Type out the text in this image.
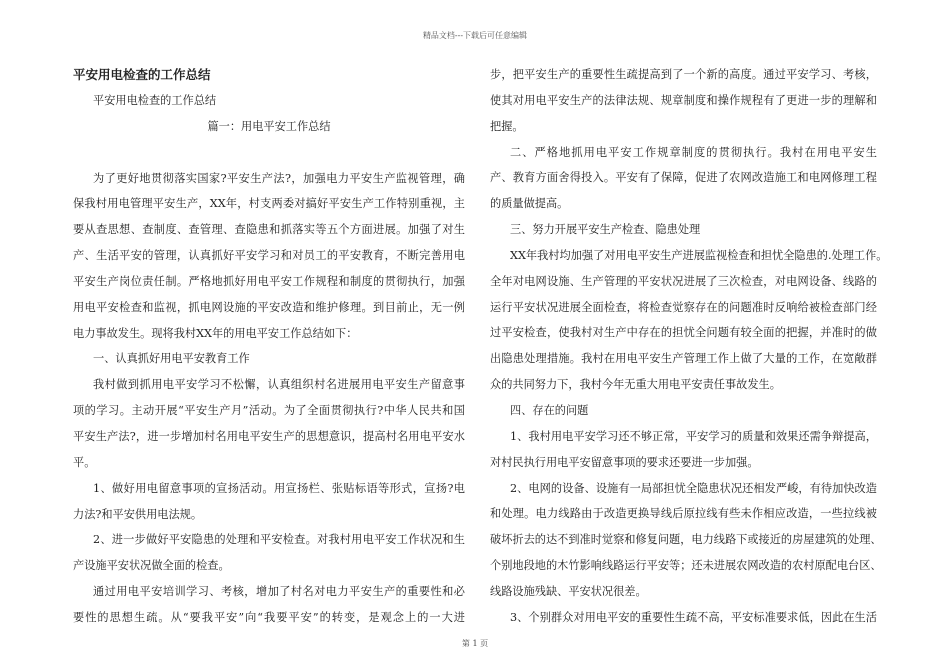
精品文档---下载后可任意编辑
平安用电检查的工作总结
平安用电检查的工作总结
篇一：用电平安工作总结
为了更好地贯彻落实国家?平安生产法?，加强电力平安生产监视管理，确
保我村用电管理平安生产，XX年，村支两委对搞好平安生产工作特别重视，主
要从查思想、查制度、查管理、查隐患和抓落实等五个方面进展。加强了对生
产、生活平安的管理，认真抓好平安学习和对员工的平安教育，不断完善用电
平安生产岗位责任制。严格地抓好用电平安工作规程和制度的贯彻执行，加强
用电平安检查和监视，抓电网设施的平安改造和维护修理。到目前止，无一例
电力事故发生。现将我村XX年的用电平安工作总结如下：
一、认真抓好用电平安教育工作
我村做到抓用电平安学习不松懈，认真组织村名进展用电平安生产留意事
项的学习。主动开展“平安生产月”活动。为了全面贯彻执行?中华人民共和国
平安生产法?，进一步增加村名用电平安生产的思想意识，提高村名用电平安水
平。
1、做好用电留意事项的宣扬活动。用宣扬栏、张贴标语等形式，宣扬?电
力法?和平安供用电法规。
2、进一步做好平安隐患的处理和平安检查。对我村用电平安工作状况和生
产设施平安状况做全面的检查。
通过用电平安培训学习、考核，增加了村名对电力平安生产的重要性和必
要性的思想生疏。从“要我平安”向“我要平安”的转变，是观念上的一大进
步，把平安生产的重要性生疏提高到了一个新的高度。通过平安学习、考核，
使其对用电平安生产的法律法规、规章制度和操作规程有了更进一步的理解和
把握。
二、严格地抓用电平安工作规章制度的贯彻执行。我村在用电平安生
产、教育方面舍得投入。平安有了保障，促进了农网改造施工和电网修理工程
的质量做提高。
三、努力开展平安生产检查、隐患处理
XX年我村均加强了对用电平安生产进展监视检查和担忧全隐患的.处理工作。
全年对电网设施、生产管理的平安状况进展了三次检查，对电网设备、线路的
运行平安状况进展全面检查，将检查觉察存在的问题准时反响给被检查部门经
过平安检查，使我村对生产中存在的担忧全问题有较全面的把握，并准时的做
出隐患处理措施。我村在用电平安生产管理工作上做了大量的工作，在宽敞群
众的共同努力下，我村今年无重大用电平安责任事故发生。
四、存在的问题
1、我村用电平安学习还不够正常，平安学习的质量和效果还需争辩提高，
对村民执行用电平安留意事项的要求还要进一步加强。
2、电网的设备、设施有一局部担忧全隐患状况还相发严峻，有待加快改造
和处理。电力线路由于改造更换导线后原拉线有些未作相应改造，一些拉线被
破坏折去的达不到准时觉察和修复问题，电力线路下或接近的房屋建筑的处理、
个别地段地的木竹影响线路运行平安等；还未进展农网改造的农村原配电台区、
线路设施残缺、平安状况很差。
3、个别群众对用电平安的重要性生疏不高，平安标准要求低，因此在生活
第 1 页
